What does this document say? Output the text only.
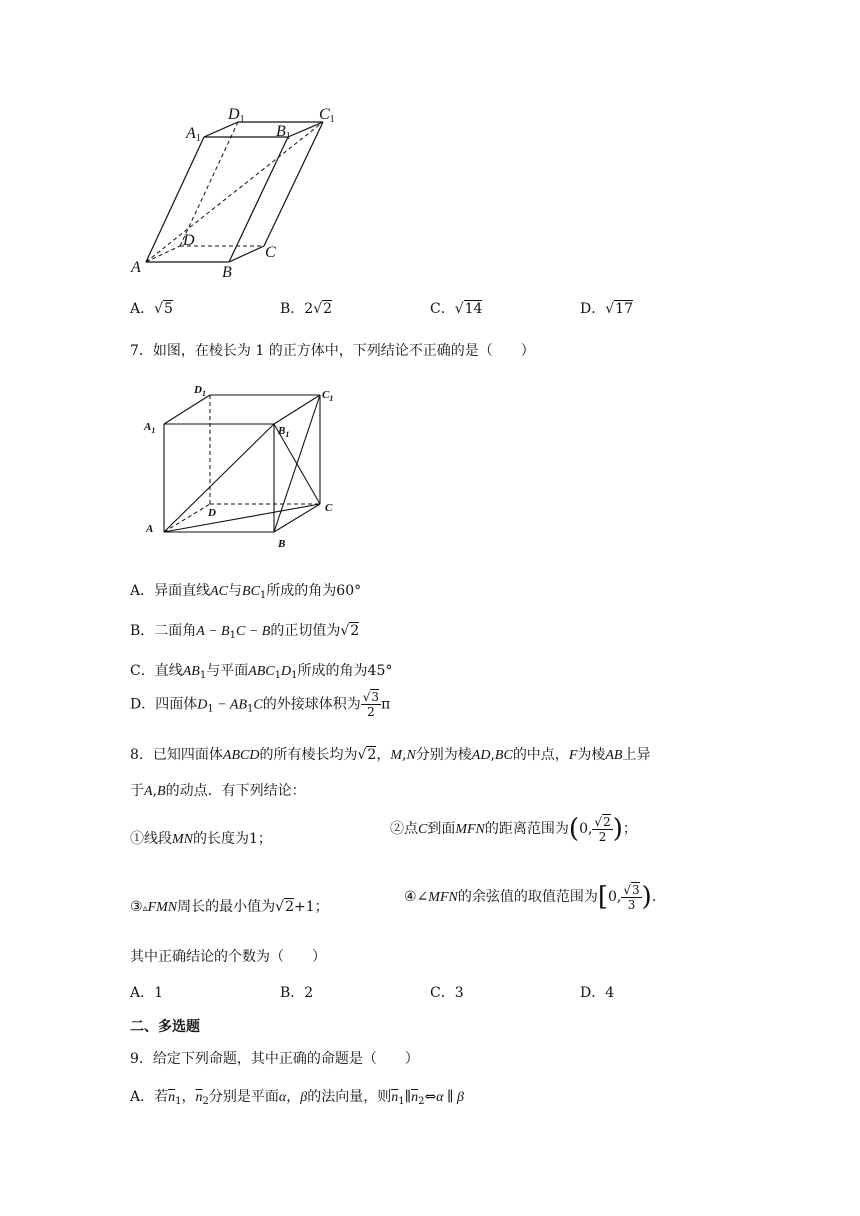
A1
D1
B1
C1
A	B
C
D
A．√5	B．2√2	C．√14	D．√17
7．如图，在棱长为 1 的正方体中，下列结论不正确的是（　　）
$D_1$	$C_1$
$A_1$	$B_1$
D	C
A
B
A．异面直线AC与$BC_1$所成的角为60°
B．二面角$A - B_1C - B$的正切值为√2
C．直线$AB_1$与平面$ABC_1D_1$所成的角为45°
D．四面体$D_1 - AB_1C$的外接球体积为 $\frac{√3}{2}$ π
8．已知四面体ABCD的所有棱长均为√2，M,N分别为棱AD,BC的中点，F为棱AB上异
于A,B的动点．有下列结论：
①线段MN的长度为1；
②点C到面MFN的距离范围为(0, $\frac{√2}{2}$ )；
③▵FMN周长的最小值为√2+1；
④∠MFN的余弦值的取值范围为[0, $\frac{√3}{3}$ ).
其中正确结论的个数为（　　）
A．1	B．2	C．3	D．4
二、多选题
9．给定下列命题，其中正确的命题是（　　）
A．若$\overline{n}_1$，$\overline{n}_2$分别是平面α，β的法向量，则$\overline{n}_1\parallel\overline{n}_2\Leftrightarrow\alpha$ ∥ β
